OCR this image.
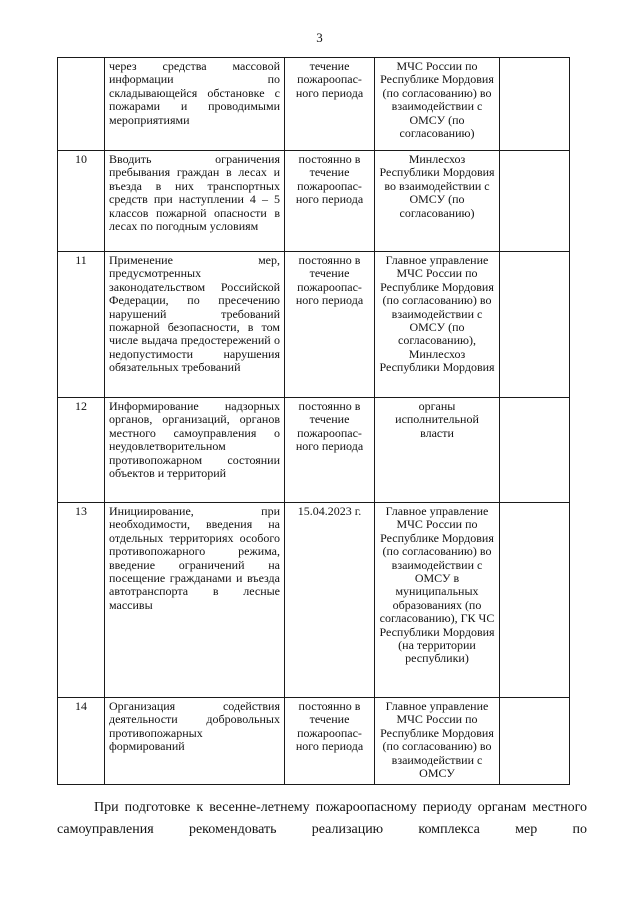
3
	через средства массовой информации по складывающейся обстановке с пожарами и проводимыми мероприятиями	течение пожароопас-ного периода	МЧС России по Республике Мордовия (по согласованию) во взаимодействии с ОМСУ (по согласованию)	
10	Вводить ограничения пребывания граждан в лесах и въезда в них транспортных средств при наступлении 4 – 5 классов пожарной опасности в лесах по погодным условиям	постоянно в течение пожароопас-ного периода	Минлесхоз Республики Мордовия во взаимодействии с ОМСУ (по согласованию)	
11	Применение мер, предусмотренных законодательством Российской Федерации, по пресечению нарушений требований пожарной безопасности, в том числе выдача предостережений о недопустимости нарушения обязательных требований	постоянно в течение пожароопас-ного периода	Главное управление МЧС России по Республике Мордовия (по согласованию) во взаимодействии с ОМСУ (по согласованию), Минлесхоз Республики Мордовия	
12	Информирование надзорных органов, организаций, органов местного самоуправления о неудовлетворительном противопожарном состоянии объектов и территорий	постоянно в течение пожароопас-ного периода	органы исполнительной власти	
13	Инициирование, при необходимости, введения на отдельных территориях особого противопожарного режима, введение ограничений на посещение гражданами и въезда автотранспорта в лесные массивы	15.04.2023 г.	Главное управление МЧС России по Республике Мордовия (по согласованию) во взаимодействии с ОМСУ в муниципальных образованиях (по согласованию), ГК ЧС Республики Мордовия (на территории республики)	
14	Организация содействия деятельности добровольных противопожарных формирований	постоянно в течение пожароопас-ного периода	Главное управление МЧС России по Республике Мордовия (по согласованию) во взаимодействии с ОМСУ	

При подготовке к весенне-летнему пожароопасному периоду органам местного самоуправления рекомендовать реализацию комплекса мер по
